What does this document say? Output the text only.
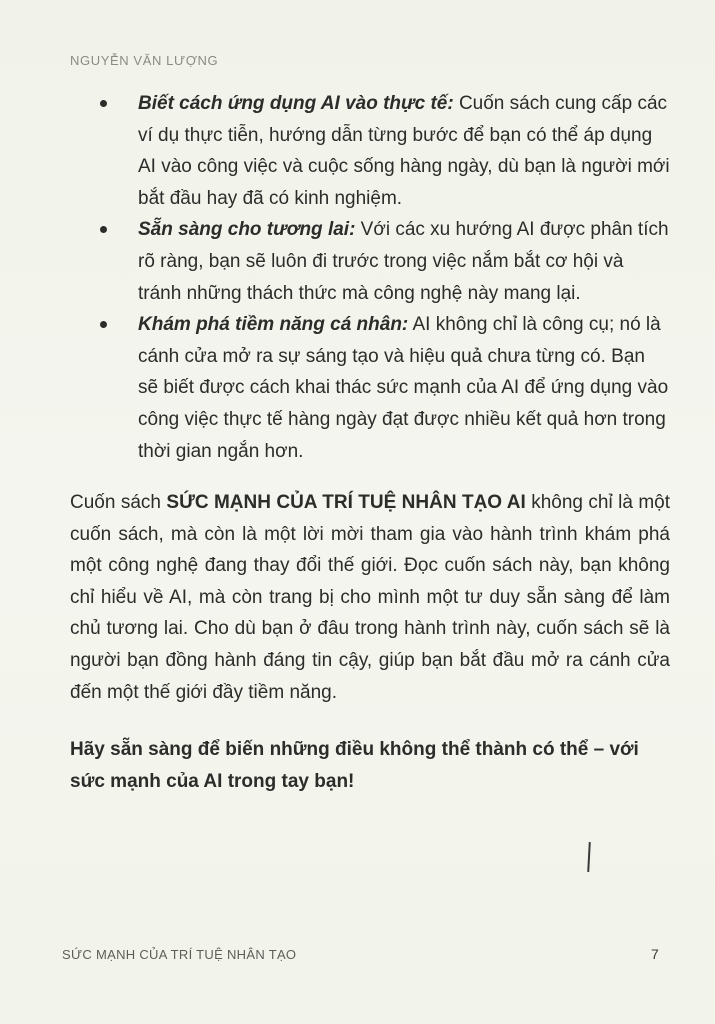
NGUYỄN VĂN LƯỢNG
Biết cách ứng dụng AI vào thực tế: Cuốn sách cung cấp các ví dụ thực tiễn, hướng dẫn từng bước để bạn có thể áp dụng AI vào công việc và cuộc sống hàng ngày, dù bạn là người mới bắt đầu hay đã có kinh nghiệm.
Sẵn sàng cho tương lai: Với các xu hướng AI được phân tích rõ ràng, bạn sẽ luôn đi trước trong việc nắm bắt cơ hội và tránh những thách thức mà công nghệ này mang lại.
Khám phá tiềm năng cá nhân: AI không chỉ là công cụ; nó là cánh cửa mở ra sự sáng tạo và hiệu quả chưa từng có. Bạn sẽ biết được cách khai thác sức mạnh của AI để ứng dụng vào công việc thực tế hàng ngày đạt được nhiều kết quả hơn trong thời gian ngắn hơn.

Cuốn sách SỨC MẠNH CỦA TRÍ TUỆ NHÂN TẠO AI không chỉ là một cuốn sách, mà còn là một lời mời tham gia vào hành trình khám phá một công nghệ đang thay đổi thế giới. Đọc cuốn sách này, bạn không chỉ hiểu về AI, mà còn trang bị cho mình một tư duy sẵn sàng để làm chủ tương lai. Cho dù bạn ở đâu trong hành trình này, cuốn sách sẽ là người bạn đồng hành đáng tin cậy, giúp bạn bắt đầu mở ra cánh cửa đến một thế giới đầy tiềm năng.

Hãy sẵn sàng để biến những điều không thể thành có thể – với sức mạnh của AI trong tay bạn!

SỨC MẠNH CỦA TRÍ TUỆ NHÂN TẠO	7
